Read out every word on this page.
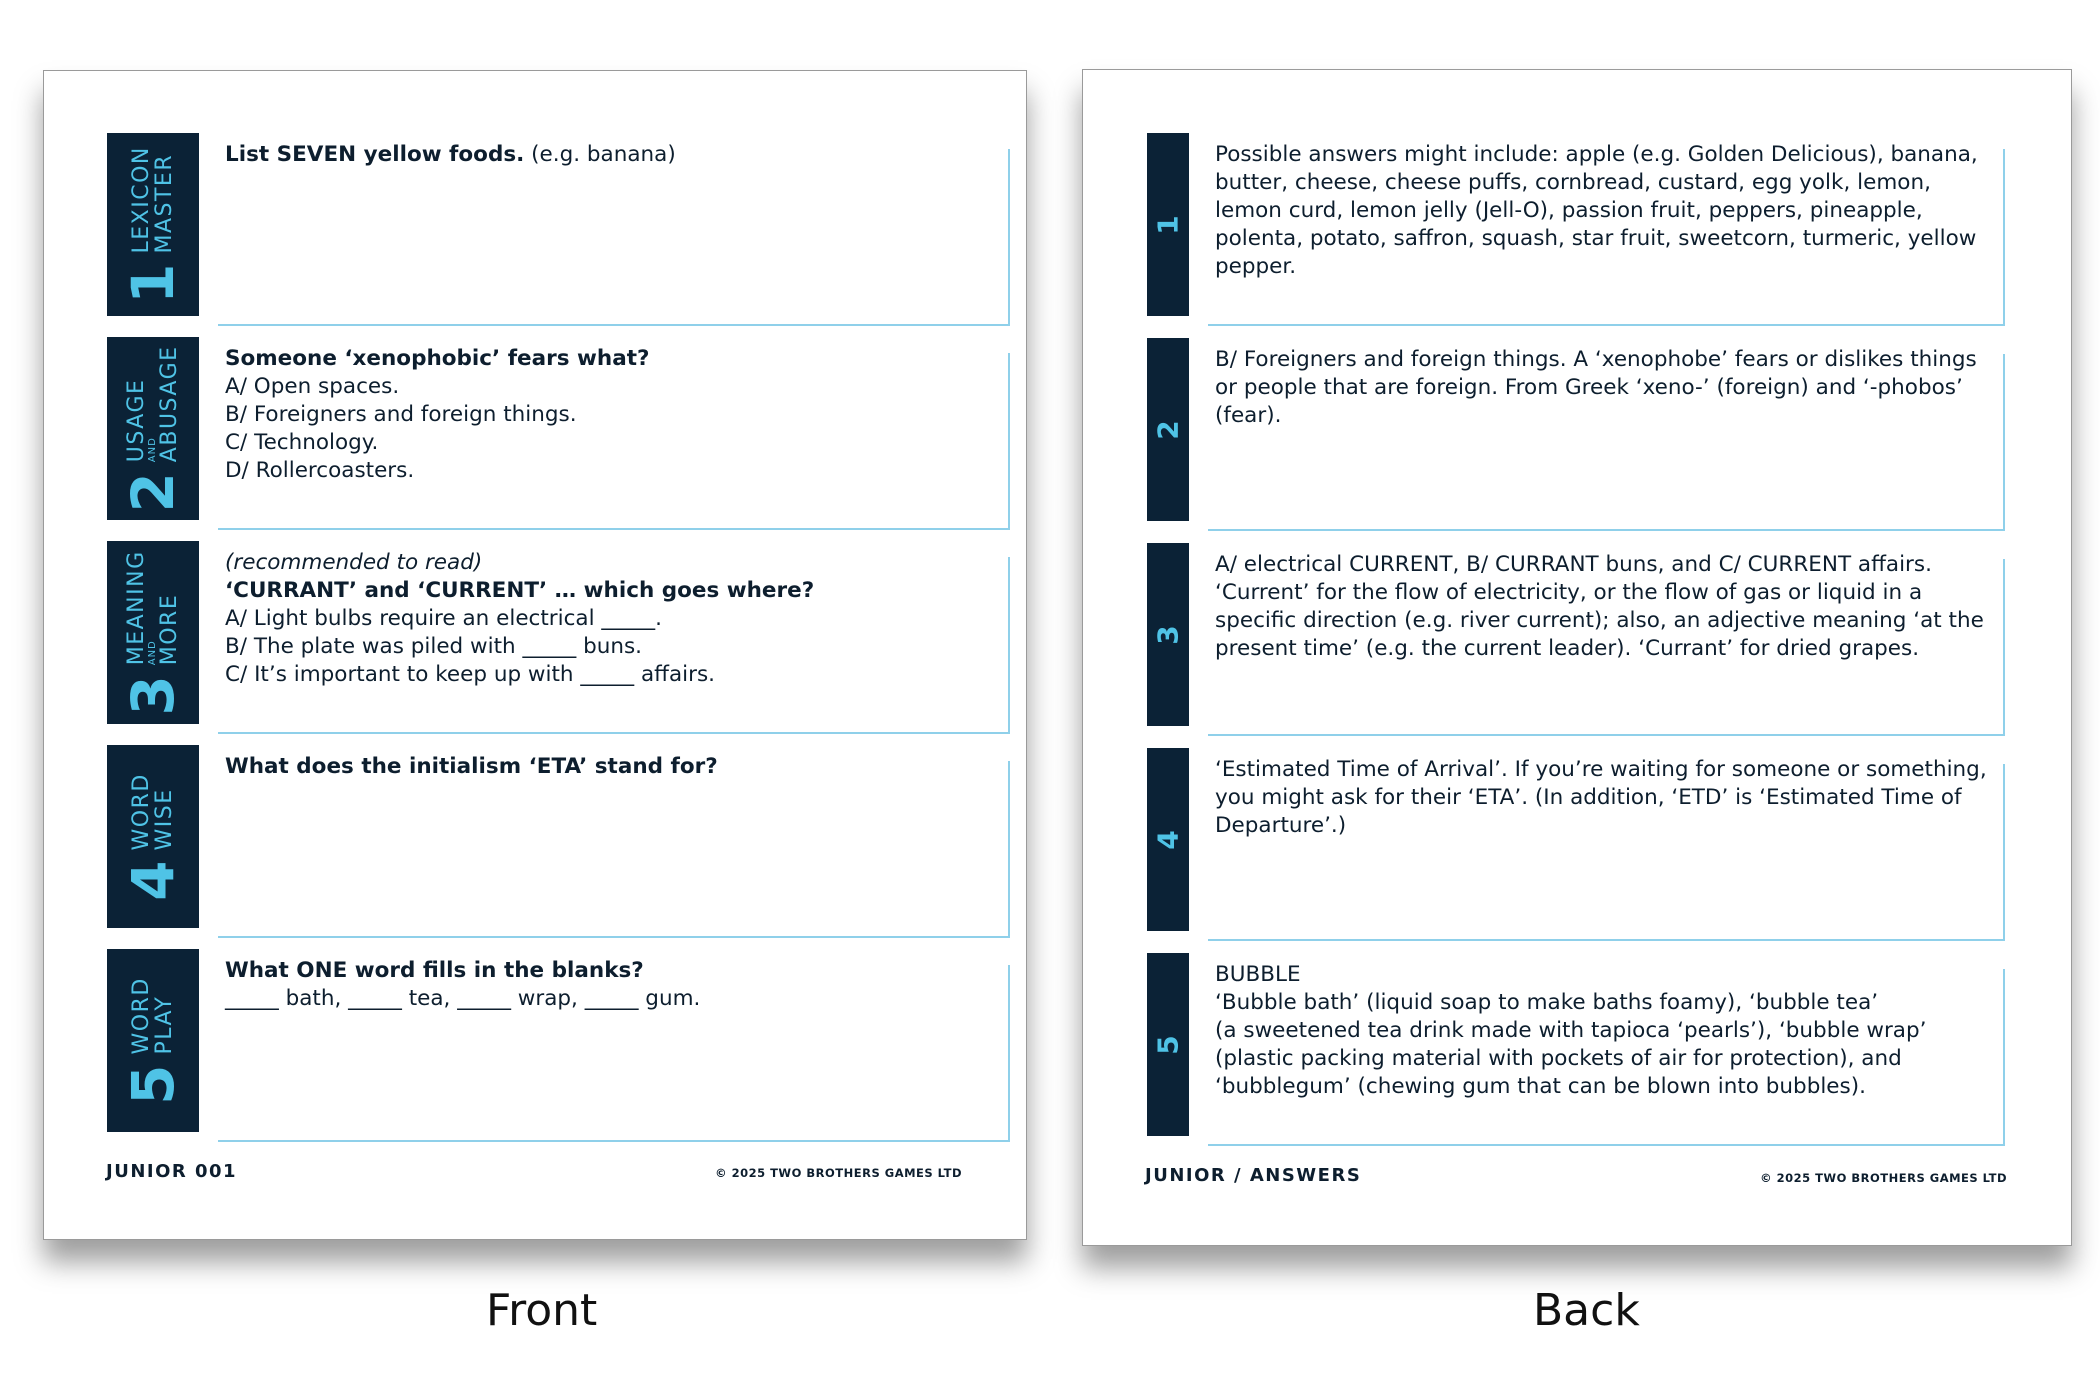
1
LEXICON
MASTER List SEVEN yellow foods. (e.g. banana)
2
USAGE
AND ABUSAGE Someone ‘xenophobic’ fears what?
A/ Open spaces.
B/ Foreigners and foreign things.
C/ Technology.
D/ Rollercoasters.
3
MEANING
AND MORE
(recommended to read)
‘CURRANT’ and ‘CURRENT’ … which goes where?
A/ Light bulbs require an electrical _____.
B/ The plate was piled with _____ buns.
C/ It’s important to keep up with _____ affairs.
4
WORD
WISE
What does the initialism ‘ETA’ stand for?
5
WORD
PLAY
What ONE word fills in the blanks?
_____ bath, _____ tea, _____ wrap, _____ gum.
JUNIOR 001	© 2025 TWO BROTHERS GAMES LTD
1
Possible answers might include: apple (e.g. Golden Delicious), banana,
butter, cheese, cheese puffs, cornbread, custard, egg yolk, lemon,
lemon curd, lemon jelly (Jell-O), passion fruit, peppers, pineapple,
polenta, potato, saffron, squash, star fruit, sweetcorn, turmeric, yellow
pepper.
2
B/ Foreigners and foreign things. A ‘xenophobe’ fears or dislikes things
or people that are foreign. From Greek ‘xeno-’ (foreign) and ‘-phobos’
(fear).
3
A/ electrical CURRENT, B/ CURRANT buns, and C/ CURRENT affairs.
‘Current’ for the flow of electricity, or the flow of gas or liquid in a
specific direction (e.g. river current); also, an adjective meaning ‘at the
present time’ (e.g. the current leader). ‘Currant’ for dried grapes.
4
‘Estimated Time of Arrival’. If you’re waiting for someone or something,
you might ask for their ‘ETA’. (In addition, ‘ETD’ is ‘Estimated Time of
Departure’.)
5
BUBBLE
‘Bubble bath’ (liquid soap to make baths foamy), ‘bubble tea’
(a sweetened tea drink made with tapioca ‘pearls’), ‘bubble wrap’
(plastic packing material with pockets of air for protection), and
‘bubblegum’ (chewing gum that can be blown into bubbles).
JUNIOR / ANSWERS	© 2025 TWO BROTHERS GAMES LTD
Front	Back
